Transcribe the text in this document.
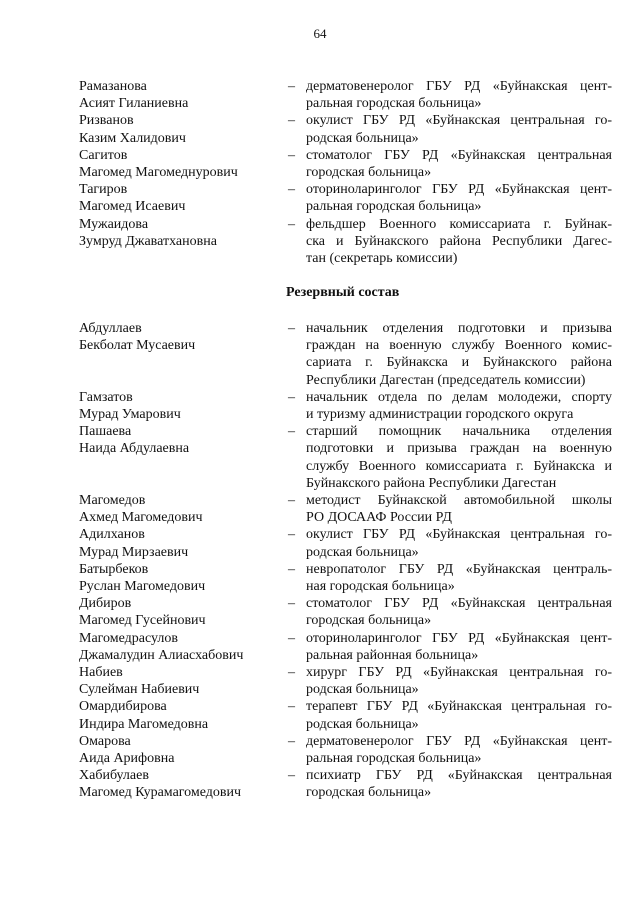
64
Рамазанова
Асият Гиланиевна
– дерматовенеролог ГБУ РД «Буйнакская цент-
ральная городская больница»
Ризванов
Казим Халидович
– окулист ГБУ РД «Буйнакская центральная го-
родская больница»
Сагитов
Магомед Магомеднурович
– стоматолог ГБУ РД «Буйнакская центральная
городская больница»
Тагиров
Магомед Исаевич
– оториноларинголог ГБУ РД «Буйнакская цент-
ральная городская больница»
Мужаидова
Зумруд Джаватхановна
– фельдшер Военного комиссариата г. Буйнак-
ска и Буйнакского района Республики Дагес-
тан (секретарь комиссии)
Резервный состав
Абдуллаев
Бекболат Мусаевич
– начальник отделения подготовки и призыва
граждан на военную службу Военного комис-
сариата г. Буйнакска и Буйнакского района
Республики Дагестан (председатель комиссии)
Гамзатов
Мурад Умарович
– начальник отдела по делам молодежи, спорту
и туризму администрации городского округа
Пашаева
Наида Абдулаевна
– старший помощник начальника отделения
подготовки и призыва граждан на военную
службу Военного комиссариата г. Буйнакска и
Буйнакского района Республики Дагестан
Магомедов
Ахмед Магомедович
– методист Буйнакской автомобильной школы
РО ДОСААФ России РД
Адилханов
Мурад Мирзаевич
– окулист ГБУ РД «Буйнакская центральная го-
родская больница»
Батырбеков
Руслан Магомедович
– невропатолог ГБУ РД «Буйнакская централь-
ная городская больница»
Дибиров
Магомед Гусейнович
– стоматолог ГБУ РД «Буйнакская центральная
городская больница»
Магомедрасулов
Джамалудин Алиасхабович
– оториноларинголог ГБУ РД «Буйнакская цент-
ральная районная больница»
Набиев
Сулейман Набиевич
– хирург ГБУ РД «Буйнакская центральная го-
родская больница»
Омардибирова
Индира Магомедовна
– терапевт ГБУ РД «Буйнакская центральная го-
родская больница»
Омарова
Аида Арифовна
– дерматовенеролог ГБУ РД «Буйнакская цент-
ральная городская больница»
Хабибулаев
Магомед Курамагомедович
– психиатр ГБУ РД «Буйнакская центральная
городская больница»
